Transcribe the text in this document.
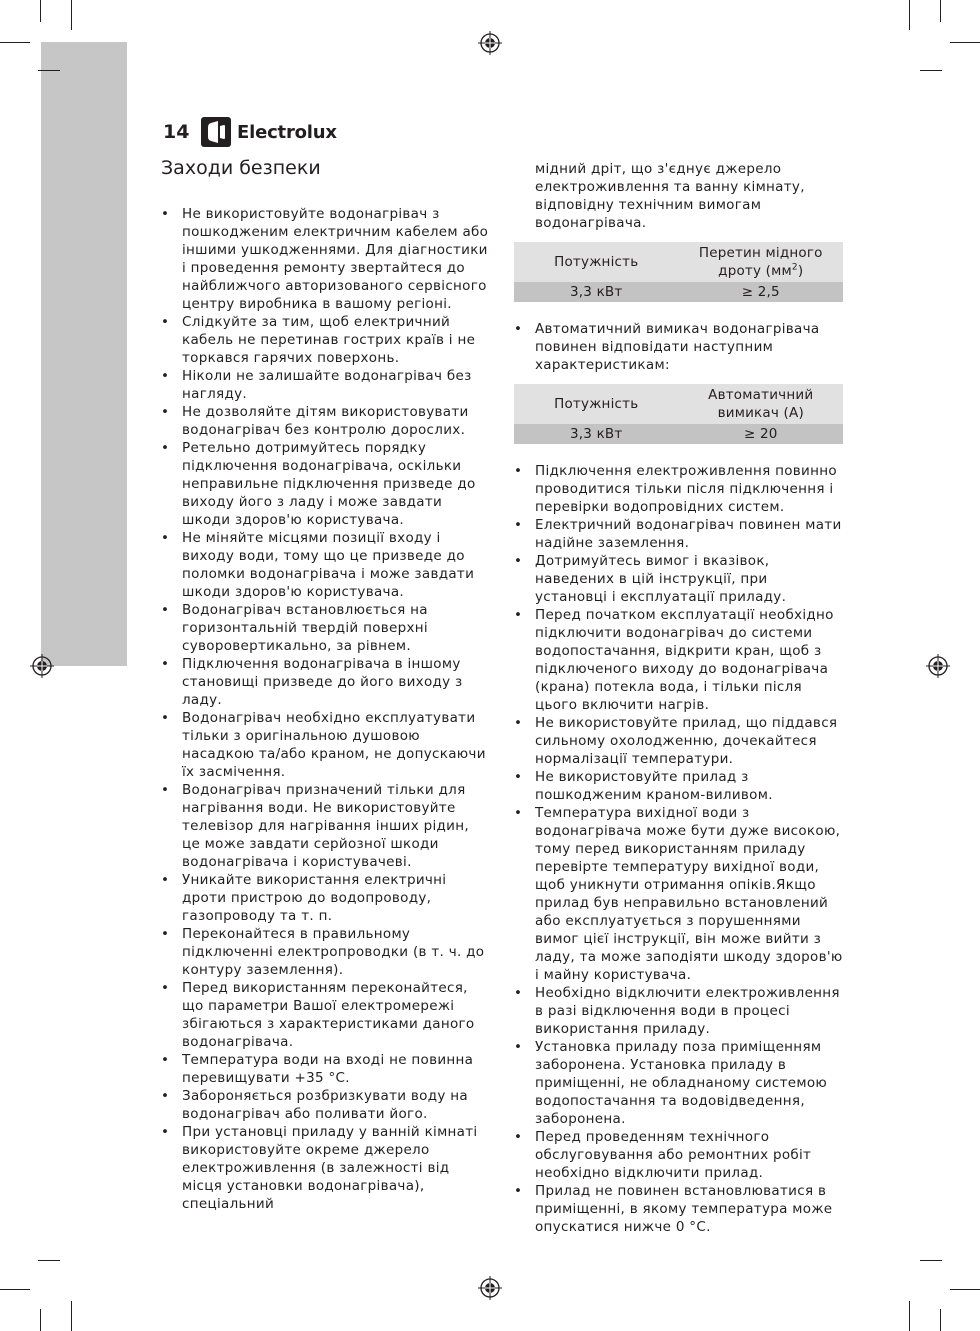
14	Electrolux
Заходи безпеки
• Не використовуйте водонагрівач з пошкодженим електричним кабелем або іншими ушкодженнями. Для діагностики і проведення ремонту звертайтеся до найближчого авторизованого сервісного центру виробника в вашому регіоні.
• Слідкуйте за тим, щоб електричний кабель не перетинав гострих країв і не торкався гарячих поверхонь.
• Ніколи не залишайте водонагрівач без нагляду.
• Не дозволяйте дітям використовувати водонагрівач без контролю дорослих.
• Ретельно дотримуйтесь порядку підключення водонагрівача, оскільки неправильне підключення призведе до виходу його з ладу і може завдати шкоди здоров'ю користувача.
• Не міняйте місцями позиції входу і виходу води, тому що це призведе до поломки водонагрівача і може завдати шкоди здоров'ю користувача.
• Водонагрівач встановлюється на горизонтальній твердій поверхні суворовертикально, за рівнем.
• Підключення водонагрівача в іншому становищі призведе до його виходу з ладу.
• Водонагрівач необхідно експлуатувати тільки з оригінальною душовою насадкою та/або краном, не допускаючи їх засмічення.
• Водонагрівач призначений тільки для нагрівання води. Не використовуйте телевізор для нагрівання інших рідин, це може завдати серйозної шкоди водонагрівача і користувачеві.
• Уникайте використання електричні дроти пристрою до водопроводу, газопроводу та т. п.
• Переконайтеся в правильному підключенні електропроводки (в т. ч. до контуру заземлення).
• Перед використанням переконайтеся, що параметри Вашої електромережі збігаються з характеристиками даного водонагрівача.
• Температура води на вході не повинна перевищувати +35 °C.
• Забороняється розбризкувати воду на водонагрівач або поливати його.
• При установці приладу у ванній кімнаті використовуйте окреме джерело електроживлення (в залежності від місця установки водонагрівача), спеціальний

мідний дріт, що з'єднує джерело електроживлення та ванну кімнату, відповідну технічним вимогам водонагрівача.

Потужність	Перетин мідного дроту $(мм^2)$
3,3 кВт	≥ 2,5
• Автоматичний вимикач водонагрівача повинен відповідати наступним характеристикам:
Потужність	Автоматичний вимикач (А)
3,3 кВт	≥ 20
• Підключення електроживлення повинно проводитися тільки після підключення і перевірки водопровідних систем.
• Електричний водонагрівач повинен мати надійне заземлення.
• Дотримуйтесь вимог і вказівок, наведених в цій інструкції, при установці і експлуатації приладу.
• Перед початком експлуатації необхідно підключити водонагрівач до системи водопостачання, відкрити кран, щоб з підключеного виходу до водонагрівача (крана) потекла вода, і тільки після цього включити нагрів.
• Не використовуйте прилад, що піддався сильному охолодженню, дочекайтеся нормалізації температури.
• Не використовуйте прилад з пошкодженим краном-виливом.
• Температура вихідної води з водонагрівача може бути дуже високою, тому перед використанням приладу перевірте температуру вихідної води, щоб уникнути отримання опіків.Якщо прилад був неправильно встановлений або експлуатується з порушеннями вимог цієї інструкції, він може вийти з ладу, та може заподіяти шкоду здоров'ю і майну користувача.
• Необхідно відключити електроживлення в разі відключення води в процесі використання приладу.
• Установка приладу поза приміщенням заборонена. Установка приладу в приміщенні, не обладнаному системою водопостачання та водовідведення, заборонена.
• Перед проведенням технічного обслуговування або ремонтних робіт необхідно відключити прилад.
• Прилад не повинен встановлюватися в приміщенні, в якому температура може опускатися нижче 0 °С.
